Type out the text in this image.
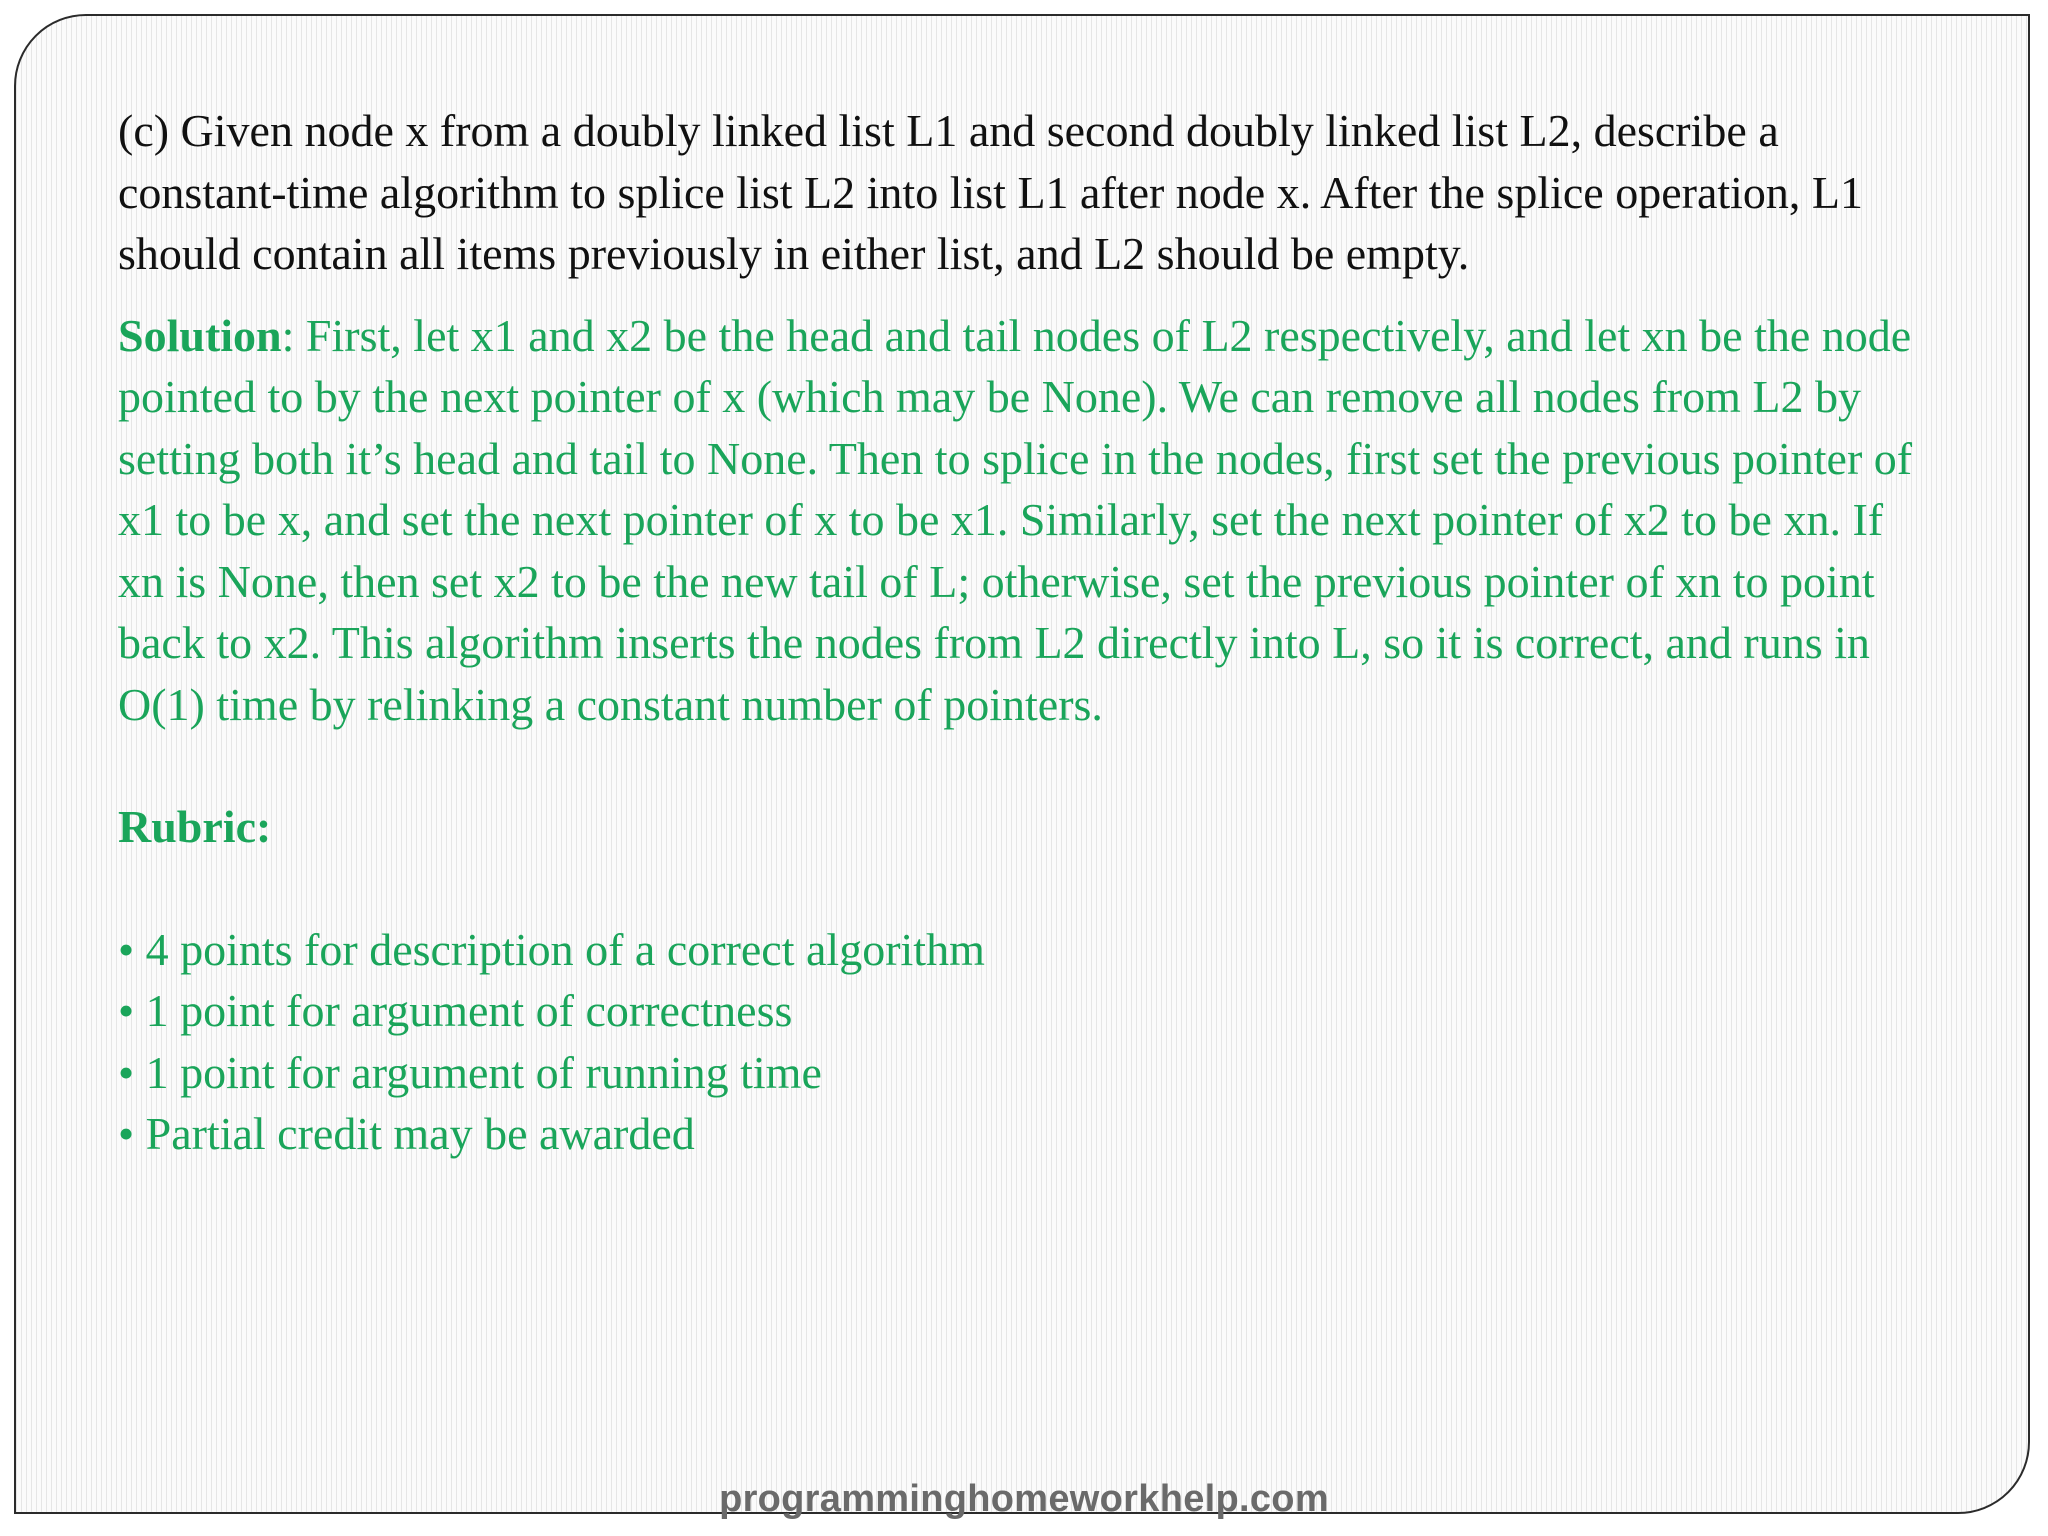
(c) Given node x from a doubly linked list L1 and second doubly linked list L2, describe a constant-time algorithm to splice list L2 into list L1 after node x. After the splice operation, L1 should contain all items previously in either list, and L2 should be empty.

Solution: First, let x1 and x2 be the head and tail nodes of L2 respectively, and let xn be the node pointed to by the next pointer of x (which may be None). We can remove all nodes from L2 by setting both it’s head and tail to None. Then to splice in the nodes, first set the previous pointer of x1 to be x, and set the next pointer of x to be x1. Similarly, set the next pointer of x2 to be xn. If xn is None, then set x2 to be the new tail of L; otherwise, set the previous pointer of xn to point back to x2. This algorithm inserts the nodes from L2 directly into L, so it is correct, and runs in O(1) time by relinking a constant number of pointers.

Rubric:

• 4 points for description of a correct algorithm
• 1 point for argument of correctness
• 1 point for argument of running time
• Partial credit may be awarded
programminghomeworkhelp.com
